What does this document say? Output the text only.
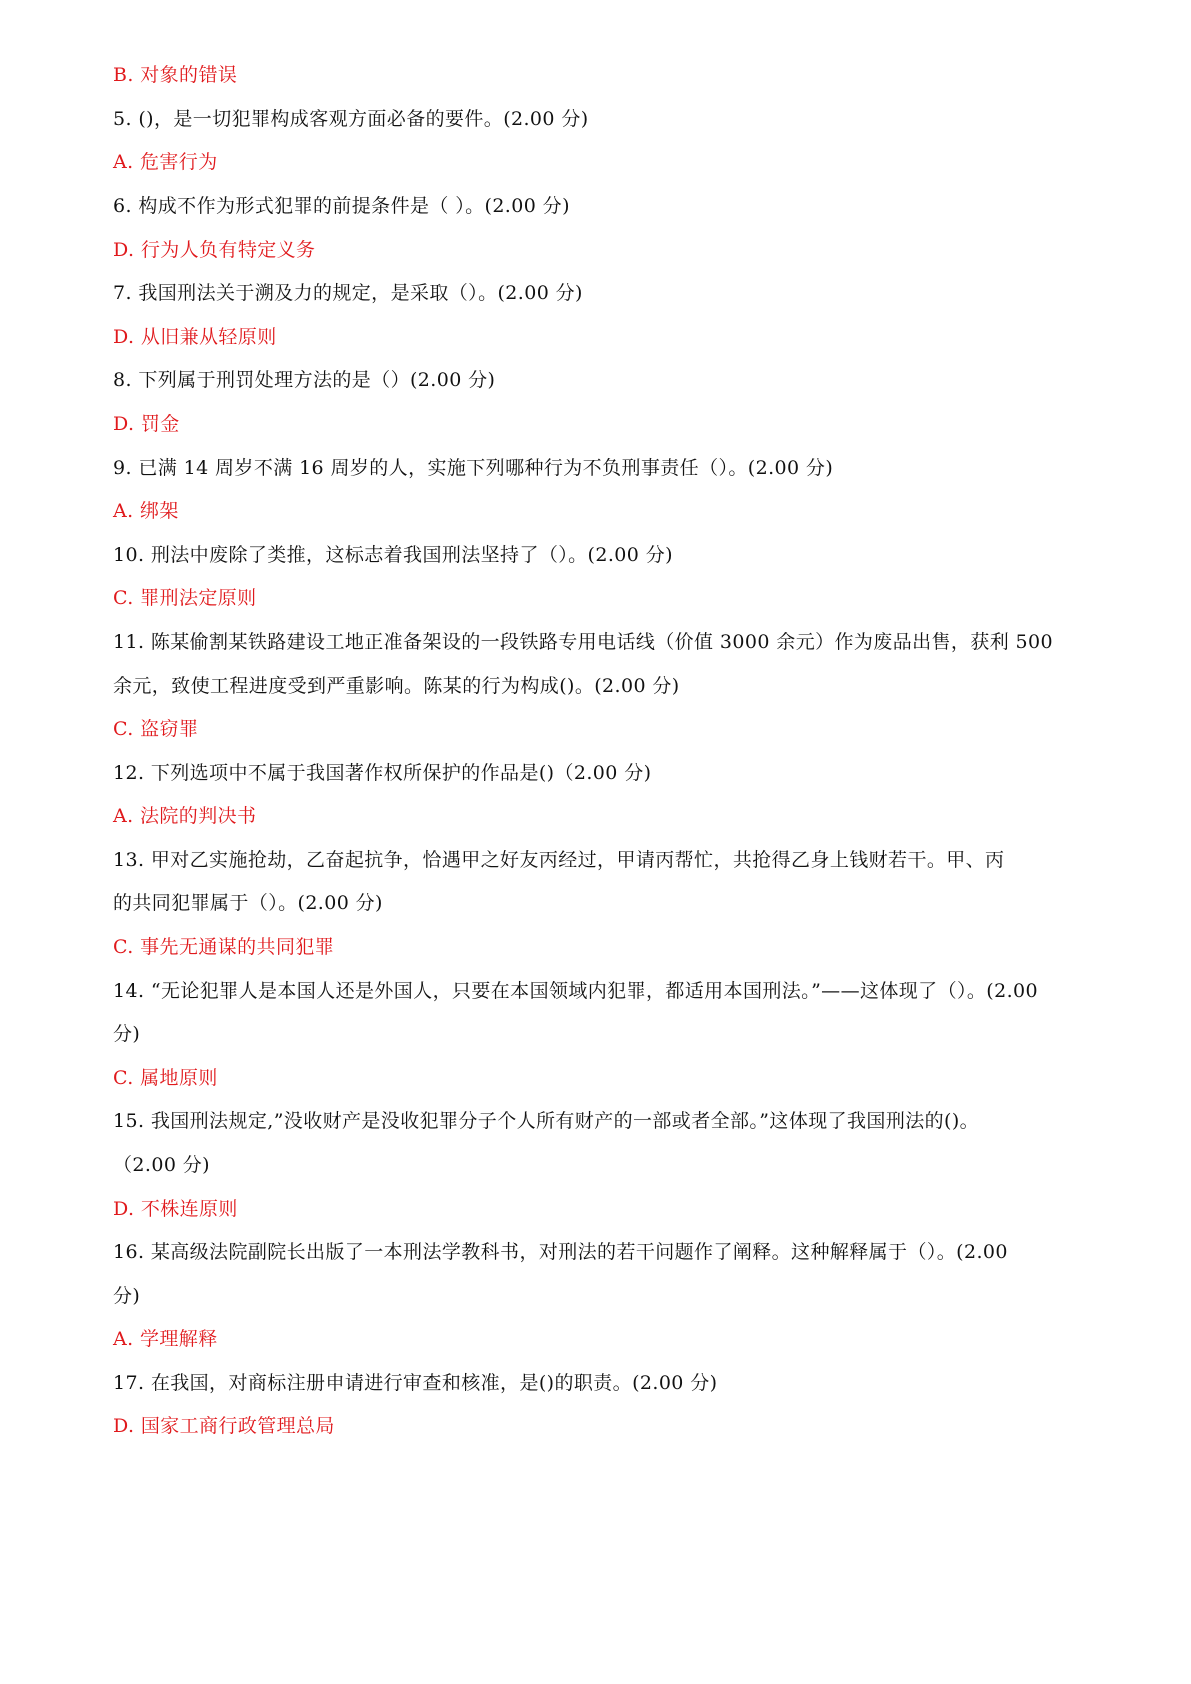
B. 对象的错误
5. ()，是一切犯罪构成客观方面必备的要件。(2.00 分)
A. 危害行为
6. 构成不作为形式犯罪的前提条件是（ ）。(2.00 分)
D. 行为人负有特定义务
7. 我国刑法关于溯及力的规定，是采取（）。(2.00 分)
D. 从旧兼从轻原则
8. 下列属于刑罚处理方法的是（）(2.00 分)
D. 罚金
9. 已满 14 周岁不满 16 周岁的人，实施下列哪种行为不负刑事责任（）。(2.00 分)
A. 绑架
10. 刑法中废除了类推，这标志着我国刑法坚持了（）。(2.00 分)
C. 罪刑法定原则
11. 陈某偷割某铁路建设工地正准备架设的一段铁路专用电话线（价值 3000 余元）作为废品出售，获利 500
余元，致使工程进度受到严重影响。陈某的行为构成()。(2.00 分)
C. 盗窃罪
12. 下列选项中不属于我国著作权所保护的作品是()（2.00 分)
A. 法院的判决书
13. 甲对乙实施抢劫，乙奋起抗争，恰遇甲之好友丙经过，甲请丙帮忙，共抢得乙身上钱财若干。甲、丙
的共同犯罪属于（）。(2.00 分)
C. 事先无通谋的共同犯罪
14. “无论犯罪人是本国人还是外国人，只要在本国领域内犯罪，都适用本国刑法。”——这体现了（）。(2.00
分)
C. 属地原则
15. 我国刑法规定,”没收财产是没收犯罪分子个人所有财产的一部或者全部。”这体现了我国刑法的()。
（2.00 分)
D. 不株连原则
16. 某高级法院副院长出版了一本刑法学教科书，对刑法的若干问题作了阐释。这种解释属于（）。(2.00
分)
A. 学理解释
17. 在我国，对商标注册申请进行审查和核准，是()的职责。(2.00 分)
D. 国家工商行政管理总局
